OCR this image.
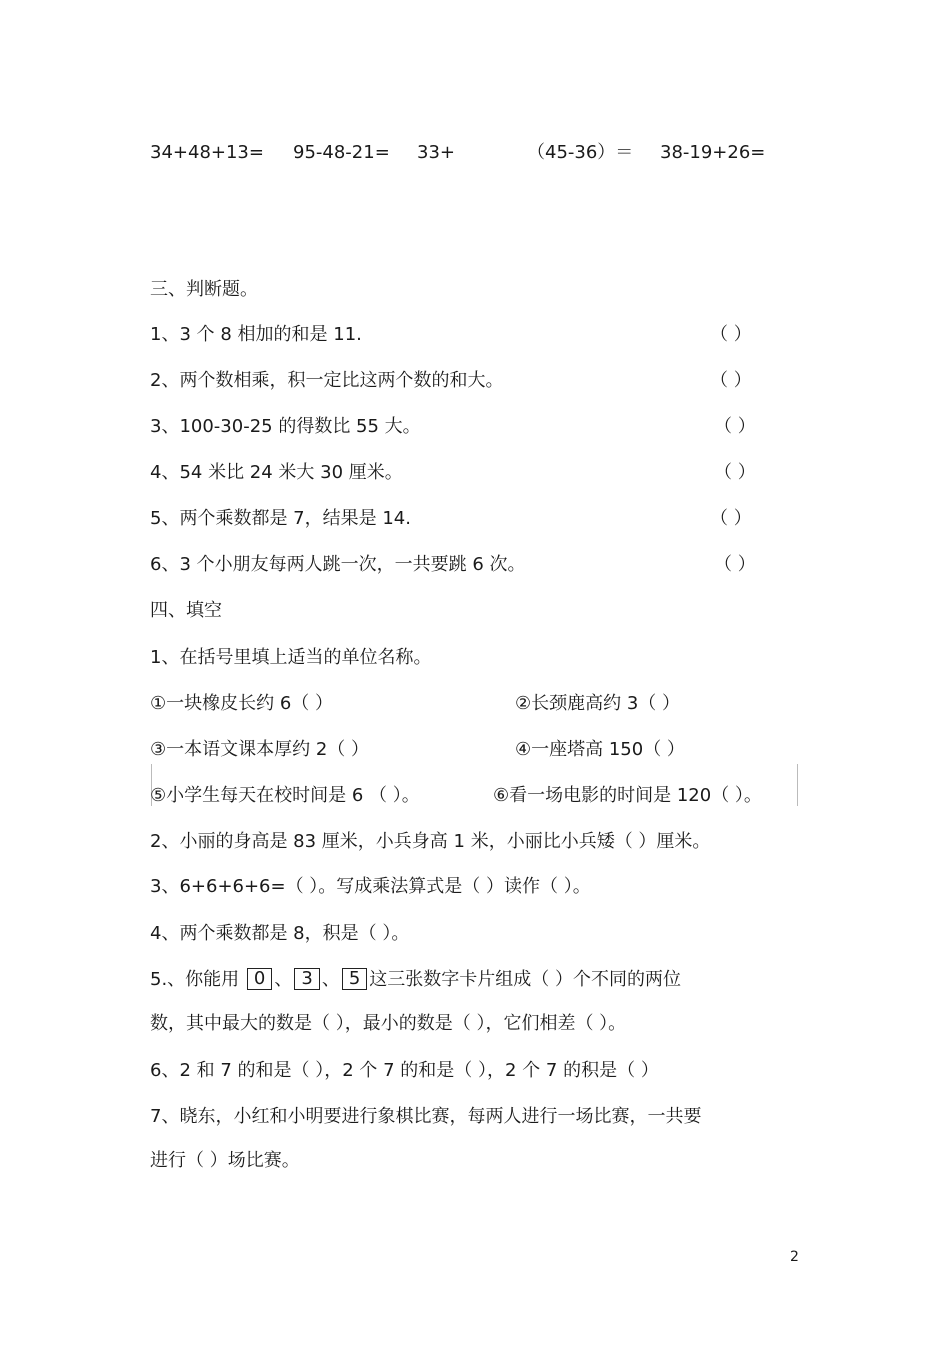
34+48+13= 95-48-21= 33+	（45-36）＝ 38-19+26=
三、判断题。
1、3 个 8 相加的和是 11.	（ ）
2、两个数相乘，积一定比这两个数的和大。	（ ）
3、100-30-25 的得数比 55 大。	（ ）
4、54 米比 24 米大 30 厘米。	（ ）
5、两个乘数都是 7，结果是 14.	（ ）
6、3 个小朋友每两人跳一次，一共要跳 6 次。	（ ）
四、填空
1、在括号里填上适当的单位名称。
①一块橡皮长约 6（ ）	②长颈鹿高约 3（ ）
③一本语文课本厚约 2（ ）	④一座塔高 150（ ）
⑤小学生每天在校时间是 6 （ ）。	⑥看一场电影的时间是 120（ ）。
2、小丽的身高是 83 厘米，小兵身高 1 米，小丽比小兵矮（ ）厘米。
3、6+6+6+6=（ ）。写成乘法算式是（ ）读作（ ）。
4、两个乘数都是 8，积是（ ）。
5.、你能用 0 、 3 、 5 这三张数字卡片组成（ ）个不同的两位
数，其中最大的数是（ ），最小的数是（ ），它们相差（ ）。
6、2 和 7 的和是（ ），2 个 7 的和是（ ），2 个 7 的积是（ ）
7、晓东，小红和小明要进行象棋比赛，每两人进行一场比赛，一共要
进行（ ）场比赛。
2
